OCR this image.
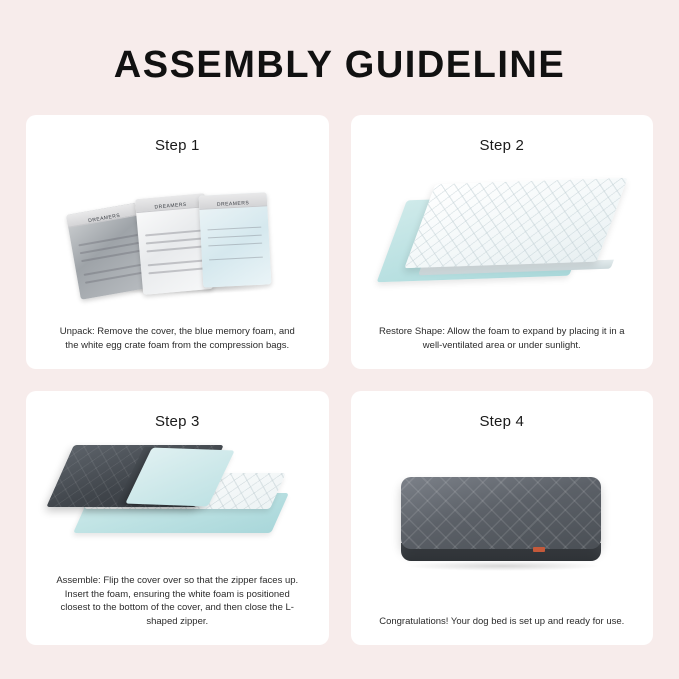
ASSEMBLY GUIDELINE
Step 1
DREAMERS
DREAMERS	DREAMERS

Unpack: Remove the cover, the blue memory foam, and the white egg crate foam from the compression bags.

Step 2

Restore Shape: Allow the foam to expand by placing it in a well-ventilated area or under sunlight.

Step 3

Assemble: Flip the cover over so that the zipper faces up. Insert the foam, ensuring the white foam is positioned closest to the bottom of the cover, and then close the L-shaped zipper.

Step 4

Congratulations! Your dog bed is set up and ready for use.
